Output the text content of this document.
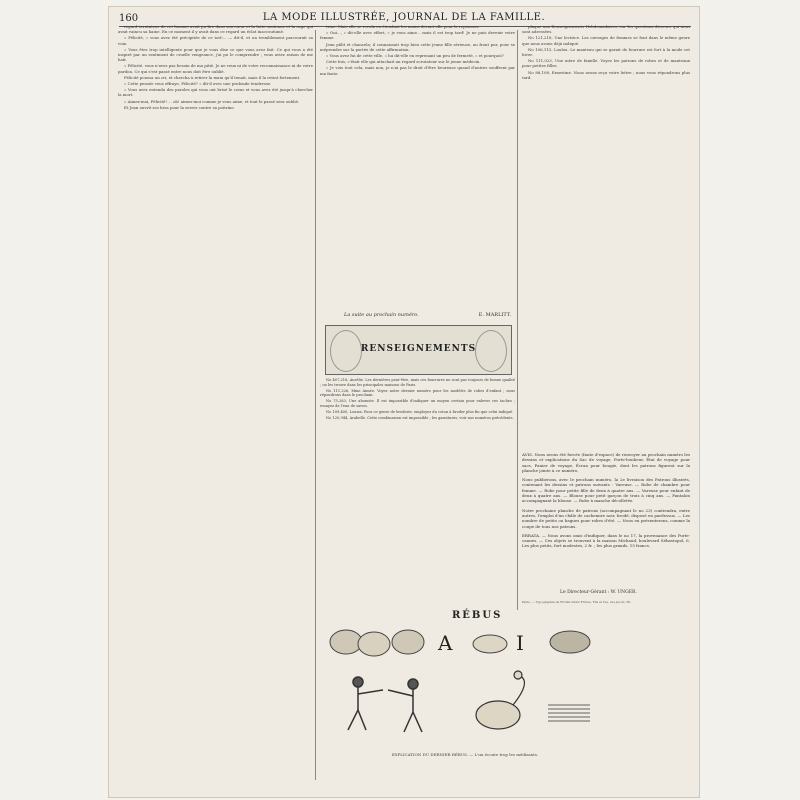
160	LA MODE ILLUSTRÉE, JOURNAL DE LA FAMILLE.

regard scrutateur de cet homme avait pu lire dans son cœur et la lutte soutenue et la rage qui avait vaincu sa haine. En ce moment il y avait dans ce regard un éclat inaccoutumé.

« Félicité, » vous avez été précipitée de ce toit!... — dit-il, et un tremblement parcourait sa voix.

« Vous êtes trop intelligente pour que je vous dise ce que vous avez fait. Ce qui vous a été inspiré par un sentiment de cruelle vengeance, j'ai pu le comprendre ; vous aviez raison de me haïr.

« Félicité, vous n'avez pas besoin de ma pitié. Je ne veux ni de votre reconnaissance ni de votre pardon. Ce qui s'est passé entre nous doit être oublié.

Félicité poussa un cri, et chercha à retirer la main qu'il tenait, mais il la retint fortement.

« Cette pensée vous effraye, Félicité? » dit-il avec une profonde tendresse.

« Vous avez entendu des paroles qui vous ont brisé le cœur et vous avez été jusqu'à chercher la mort.

« Aimez-moi, Félicité! ... oh! aimez-moi comme je vous aime, et tout le passé sera oublié.

Et Jean ouvrit ses bras pour la serrer contre sa poitrine.

trine. Mais elle se recula en étendant les mains devant elle pour le repousser.

« Oui..., » dit-elle avec effort, « je vous aime... mais il est trop tard! Je ne puis devenir votre femme.

Jean pâlit et chancela; il connaissait trop bien cette jeune fille sérieuse, au front pur, pour se méprendre sur la portée de cette affirmation.

« Vous avez fui de cette ville, » lui dit-elle en reprenant un peu de fermeté, « et pourquoi?

Cette fois, c'était elle qui attachait un regard scrutateur sur le jeune médecin.

« Je vois tout cela, mais non, je n'ai pas le droit d'être heureuse quand d'autres souffrent par ma faute.

La suite au prochain numéro.	E. MARLITT.
RENSEIGNEMENTS

No 407,216, Aurélie. Les dernières peut-être, mais ces fourrures ne sont pas toujours de bonne qualité ; on les trouve dans les principales maisons de Paris.

No 111,226, Mme Aimée. Voyez notre dernier numéro pour les modèles de robes d'enfant ; nous répondrons dans le prochain.

No 75,283, Une abonnée. Il est impossible d'indiquer un moyen certain pour enlever ces taches ; essayez de l'eau de savon.

No 109,400, Louisa. Pour ce genre de broderie, employez du coton à broder plus fin que celui indiqué.

No 120,944, Arabelle. Cette combinaison est impossible ; les garnitures, voir nos numéros précédents.

plaque aux Renseignements Hebdomadaires, sur les questions diverses qui nous sont adressées.

No 121,218, Une lectrice. Les ouvrages de femmes se font dans le même genre que nous avons déjà indiqué.

No 106,115, Loulou. Le manteau qui se garnit de fourrure est fort à la mode cet hiver.

No 111,023, Une mère de famille. Voyez les patrons de robes et de manteaux pour petites filles.

No 88,108, Ernestine. Nous avons reçu votre lettre ; nous vous répondrons plus tard.

AVIS. Nous avons été forcée (faute d'espace) de renvoyer au prochain numéro les dessins et explications du Sac de voyage, Porte-bonheur, Étui de voyage pour sacs, Panier de voyage, Écran pour bougie, dont les patrons figurent sur la planche jointe à ce numéro.

Nous publierons, avec le prochain numéro, la 2e livraison des Patrons illustrés, contenant les dessins et patrons suivants : Vareuse. — Robe de chambre pour femme. — Robe pour petite fille de deux à quatre ans. — Vareuse pour enfant de deux à quatre ans. — Blouse pour petit garçon de trois à cinq ans. — Pantalon accompagnant la blouse. — Robe à manche décolletée.

Notre prochaine planche de patrons (accompagnant le no 23) contiendra, entre autres, l'emploi d'un châle de cachemire noir, brodé, disposé en pardessus. — Les nombre de petits ou bagues pour robes d'été. — Nous en présenterons, comme la coupe de tous nos patrons.

ERRATA. — Nous avons omis d'indiquer, dans le no 17, la provenance des Porte-cannes. — Ces objets se trouvent à la maison Michaud, boulevard Sébastopol, 6. Les plus petits, fort modestes, 2 fr. ; les plus grands, 15 francs.

Le Directeur-Gérant : W. UNGER.
Paris. — Typographie de Firmin Didot Frères, Fils et Cie, rue Jacob, 56.
RÉBUS
A	I
EXPLICATION DU DERNIER RÉBUS. — L'un écoute trop les médisants.
